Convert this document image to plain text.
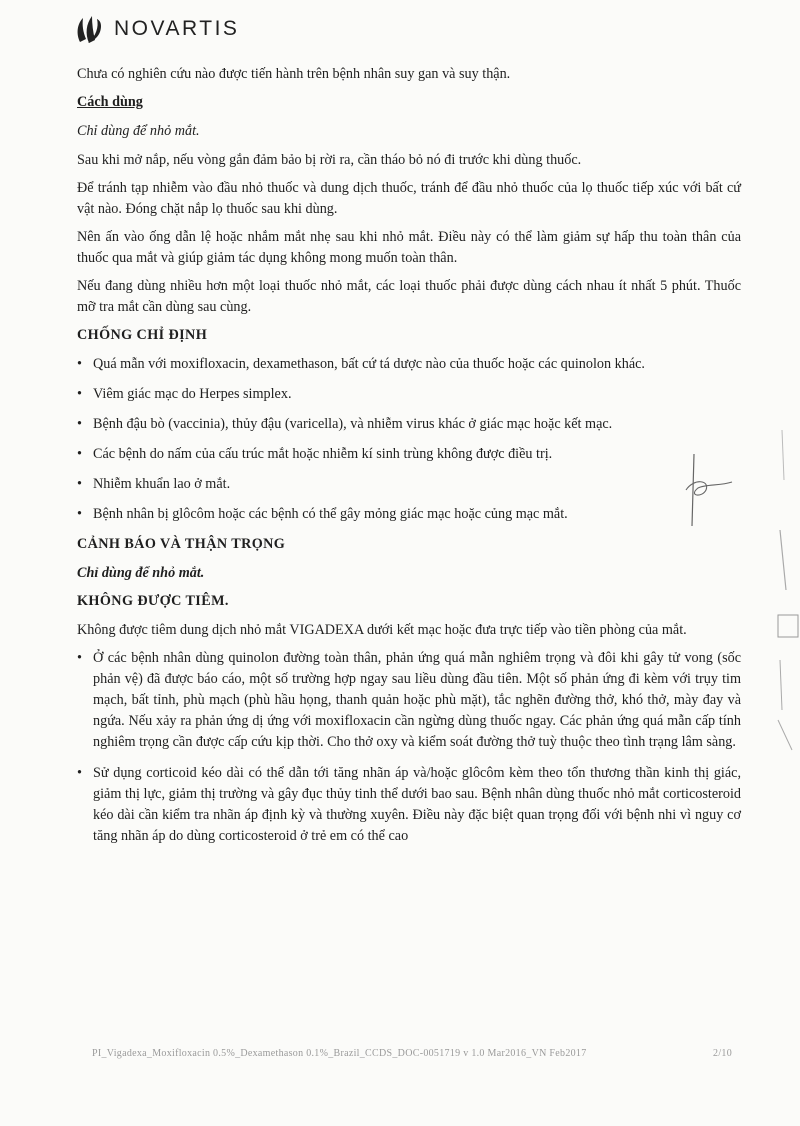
NOVARTIS

Chưa có nghiên cứu nào được tiến hành trên bệnh nhân suy gan và suy thận.

Cách dùng

Chỉ dùng để nhỏ mắt.

Sau khi mở nắp, nếu vòng gắn đảm bảo bị rời ra, cần tháo bỏ nó đi trước khi dùng thuốc.

Để tránh tạp nhiễm vào đầu nhỏ thuốc và dung dịch thuốc, tránh để đầu nhỏ thuốc của lọ thuốc tiếp xúc với bất cứ vật nào. Đóng chặt nắp lọ thuốc sau khi dùng.

Nên ấn vào ống dẫn lệ hoặc nhắm mắt nhẹ sau khi nhỏ mắt. Điều này có thể làm giảm sự hấp thu toàn thân của thuốc qua mắt và giúp giảm tác dụng không mong muốn toàn thân.

Nếu đang dùng nhiều hơn một loại thuốc nhỏ mắt, các loại thuốc phải được dùng cách nhau ít nhất 5 phút. Thuốc mỡ tra mắt cần dùng sau cùng.

CHỐNG CHỈ ĐỊNH

• Quá mẫn với moxifloxacin, dexamethason, bất cứ tá dược nào của thuốc hoặc các quinolon khác.
• Viêm giác mạc do Herpes simplex.
• Bệnh đậu bò (vaccinia), thủy đậu (varicella), và nhiễm virus khác ở giác mạc hoặc kết mạc.
• Các bệnh do nấm của cấu trúc mắt hoặc nhiễm kí sinh trùng không được điều trị.
• Nhiễm khuẩn lao ở mắt.
• Bệnh nhân bị glôcôm hoặc các bệnh có thể gây mỏng giác mạc hoặc củng mạc mắt.

CẢNH BÁO VÀ THẬN TRỌNG

Chỉ dùng để nhỏ mắt.

KHÔNG ĐƯỢC TIÊM.

Không được tiêm dung dịch nhỏ mắt VIGADEXA dưới kết mạc hoặc đưa trực tiếp vào tiền phòng của mắt.

• Ở các bệnh nhân dùng quinolon đường toàn thân, phản ứng quá mẫn nghiêm trọng và đôi khi gây tử vong (sốc phản vệ) đã được báo cáo, một số trường hợp ngay sau liều dùng đầu tiên. Một số phản ứng đi kèm với trụy tim mạch, bất tỉnh, phù mạch (phù hầu họng, thanh quản hoặc phù mặt), tắc nghẽn đường thở, khó thở, mày đay và ngứa. Nếu xảy ra phản ứng dị ứng với moxifloxacin cần ngừng dùng thuốc ngay. Các phản ứng quá mẫn cấp tính nghiêm trọng cần được cấp cứu kịp thời. Cho thở oxy và kiểm soát đường thở tuỳ thuộc theo tình trạng lâm sàng.
• Sử dụng corticoid kéo dài có thể dẫn tới tăng nhãn áp và/hoặc glôcôm kèm theo tổn thương thần kinh thị giác, giảm thị lực, giảm thị trường và gây đục thủy tinh thể dưới bao sau. Bệnh nhân dùng thuốc nhỏ mắt corticosteroid kéo dài cần kiểm tra nhãn áp định kỳ và thường xuyên. Điều này đặc biệt quan trọng đối với bệnh nhi vì nguy cơ tăng nhãn áp do dùng corticosteroid ở trẻ em có thể cao
PI_Vigadexa_Moxifloxacin 0.5%_Dexamethason 0.1%_Brazil_CCDS_DOC-0051719 v 1.0 Mar2016_VN Feb2017	2/10
